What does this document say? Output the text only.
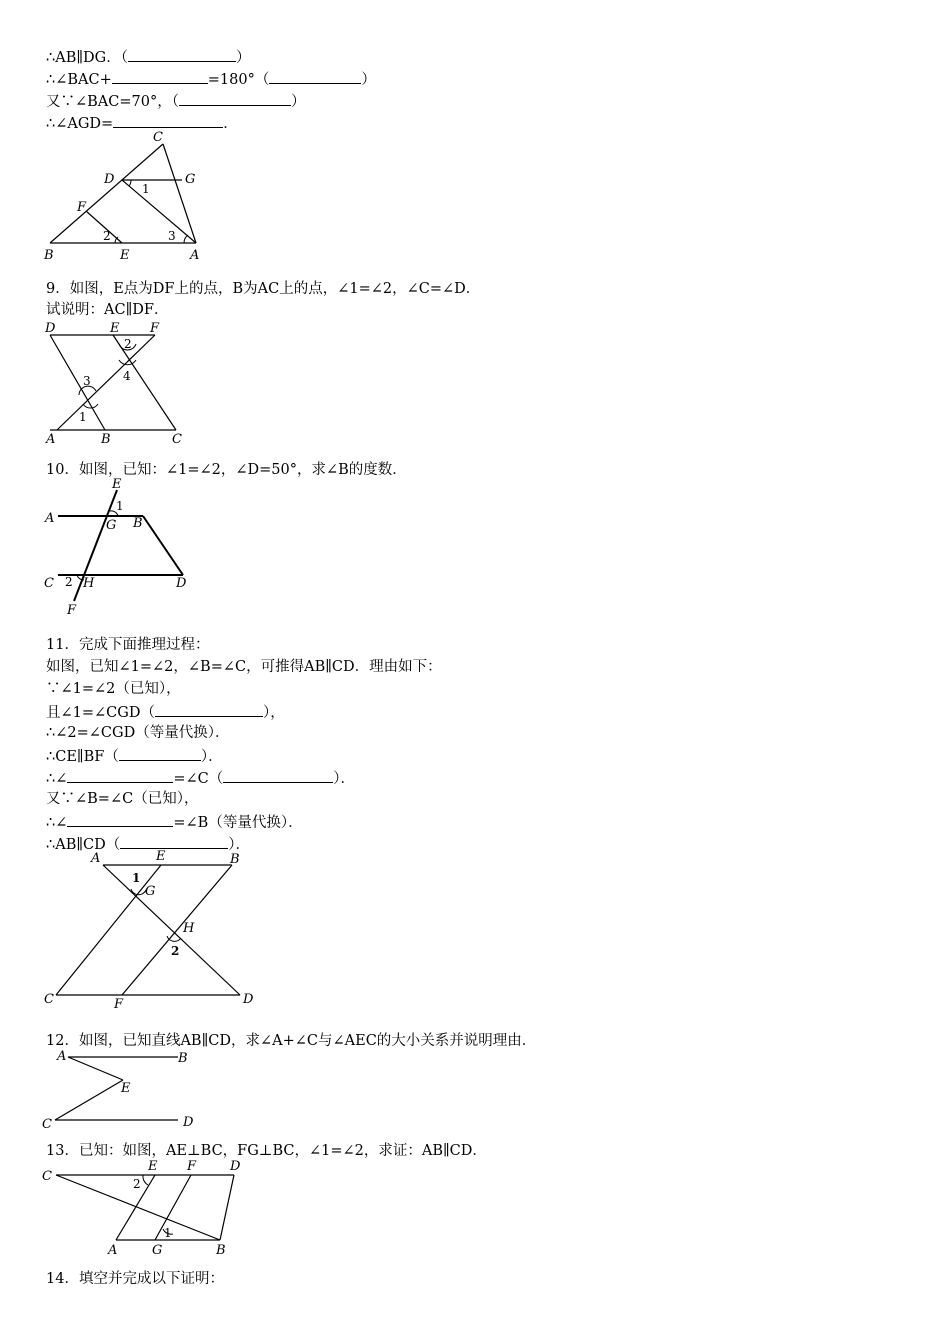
∴AB∥DG．（	）
∴∠BAC+	=180°（	）
又∵∠BAC=70°，（	）
∴∠AGD=	．
C
D	G
1
F
B	E	A
2	3
9．如图，E点为DF上的点，B为AC上的点，∠1=∠2，∠C=∠D．
试说明：AC∥DF．
D	E F
2
4
3
1
A	B	C
10．如图，已知：∠1=∠2，∠D=50°，求∠B的度数．
E
1
A	G B
C 2 H	D
F
11．完成下面推理过程：
如图，已知∠1=∠2，∠B=∠C，可推得AB∥CD．理由如下：
∵∠1=∠2（已知），
且∠1=∠CGD（	），
∴∠2=∠CGD（等量代换）．
∴CE∥BF（	）．
∴∠	=∠C（	）．
又∵∠B=∠C（已知），
∴∠	=∠B（等量代换）．
∴AB∥CD（	）．
A	E	B
1
G
H
2
C	F	D
12．如图，已知直线AB∥CD，求∠A+∠C与∠AEC的大小关系并说明理由．
A	B
E
C	D
13．已知：如图，AE⊥BC，FG⊥BC，∠1=∠2，求证：AB∥CD．
C
E F	D
2
1
A	G	B
14．填空并完成以下证明：
